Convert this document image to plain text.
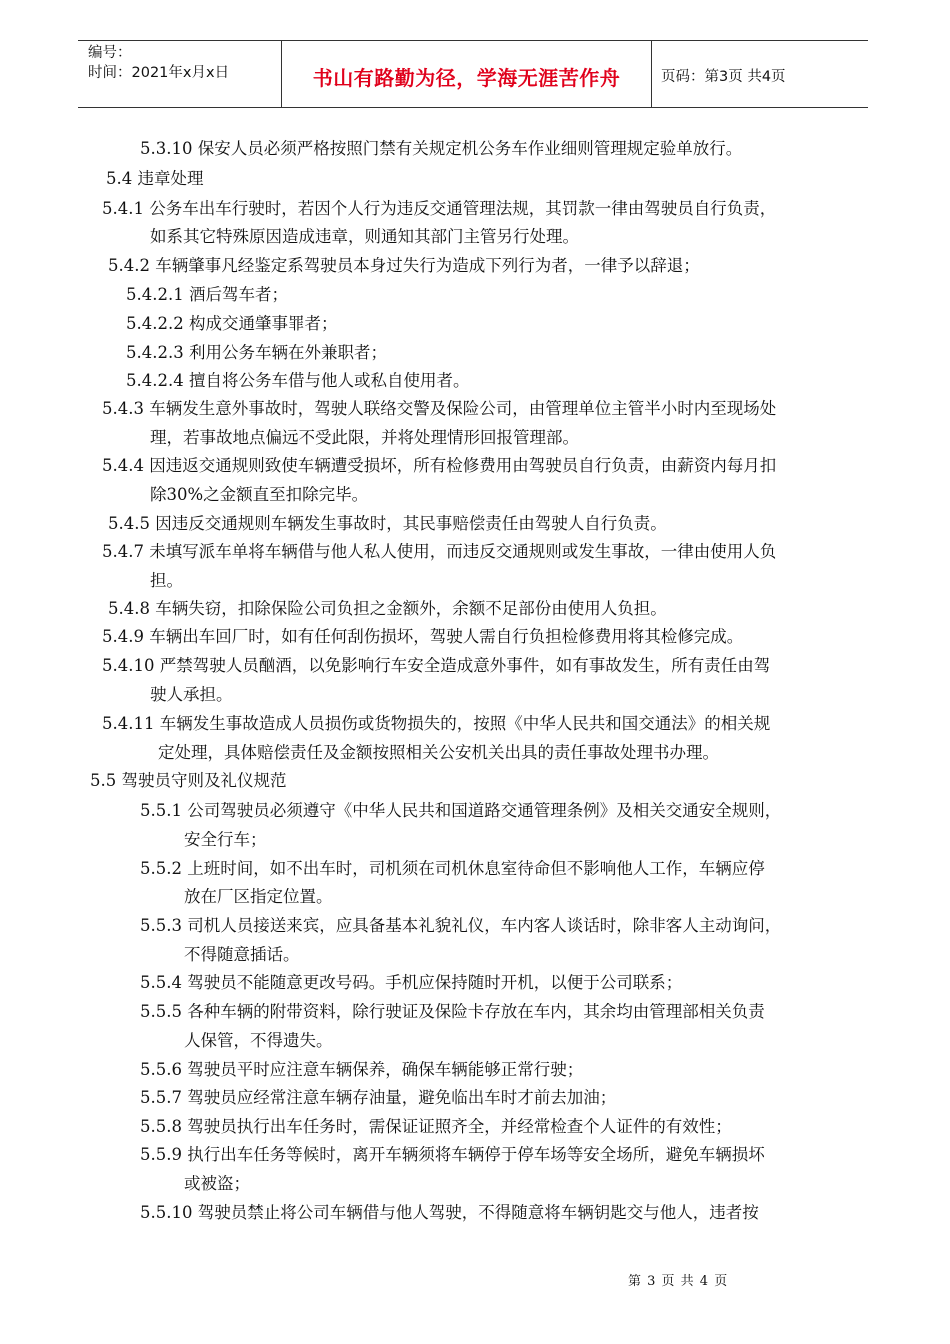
编号：
时间：2021年x月x日	书山有路勤为径，学海无涯苦作舟	页码：第3页 共4页
5.3.10 保安人员必须严格按照门禁有关规定机公务车作业细则管理规定验单放行。
5.4 违章处理
5.4.1 公务车出车行驶时，若因个人行为违反交通管理法规，其罚款一律由驾驶员自行负责，
如系其它特殊原因造成违章，则通知其部门主管另行处理。
5.4.2 车辆肇事凡经鉴定系驾驶员本身过失行为造成下列行为者，一律予以辞退；
5.4.2.1 酒后驾车者；
5.4.2.2 构成交通肇事罪者；
5.4.2.3 利用公务车辆在外兼职者；
5.4.2.4 擅自将公务车借与他人或私自使用者。
5.4.3 车辆发生意外事故时，驾驶人联络交警及保险公司，由管理单位主管半小时内至现场处
理，若事故地点偏远不受此限，并将处理情形回报管理部。
5.4.4 因违返交通规则致使车辆遭受损坏，所有检修费用由驾驶员自行负责，由薪资内每月扣
除30%之金额直至扣除完毕。
5.4.5 因违反交通规则车辆发生事故时，其民事赔偿责任由驾驶人自行负责。
5.4.7 未填写派车单将车辆借与他人私人使用，而违反交通规则或发生事故，一律由使用人负
担。
5.4.8 车辆失窃，扣除保险公司负担之金额外，余额不足部份由使用人负担。
5.4.9 车辆出车回厂时，如有任何刮伤损坏，驾驶人需自行负担检修费用将其检修完成。
5.4.10 严禁驾驶人员酗酒，以免影响行车安全造成意外事件，如有事故发生，所有责任由驾
驶人承担。
5.4.11 车辆发生事故造成人员损伤或货物损失的，按照《中华人民共和国交通法》的相关规
定处理，具体赔偿责任及金额按照相关公安机关出具的责任事故处理书办理。
5.5 驾驶员守则及礼仪规范
5.5.1 公司驾驶员必须遵守《中华人民共和国道路交通管理条例》及相关交通安全规则，
安全行车；
5.5.2 上班时间，如不出车时，司机须在司机休息室待命但不影响他人工作，车辆应停
放在厂区指定位置。
5.5.3 司机人员接送来宾，应具备基本礼貌礼仪，车内客人谈话时，除非客人主动询问，
不得随意插话。
5.5.4 驾驶员不能随意更改号码。手机应保持随时开机，以便于公司联系；
5.5.5 各种车辆的附带资料，除行驶证及保险卡存放在车内，其余均由管理部相关负责
人保管，不得遗失。
5.5.6 驾驶员平时应注意车辆保养，确保车辆能够正常行驶；
5.5.7 驾驶员应经常注意车辆存油量，避免临出车时才前去加油；
5.5.8 驾驶员执行出车任务时，需保证证照齐全，并经常检查个人证件的有效性；
5.5.9 执行出车任务等候时，离开车辆须将车辆停于停车场等安全场所，避免车辆损坏
或被盗；
5.5.10 驾驶员禁止将公司车辆借与他人驾驶，不得随意将车辆钥匙交与他人，违者按
第 3 页 共 4 页
